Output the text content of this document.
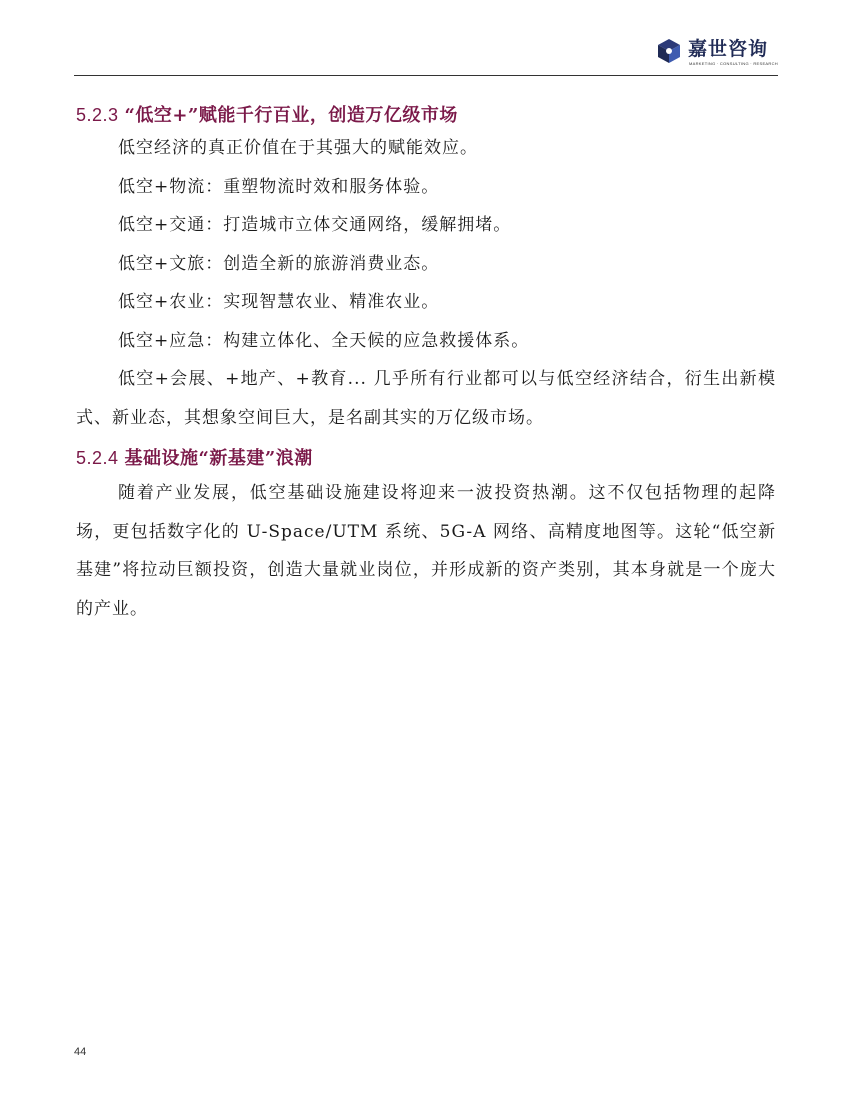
嘉世咨询
MARKETING · CONSULTING · RESEARCH
5.2.3 “低空+”赋能千行百业，创造万亿级市场

低空经济的真正价值在于其强大的赋能效应。

低空+物流：重塑物流时效和服务体验。

低空+交通：打造城市立体交通网络，缓解拥堵。

低空+文旅：创造全新的旅游消费业态。

低空+农业：实现智慧农业、精准农业。

低空+应急：构建立体化、全天候的应急救援体系。

低空+会展、+地产、+教育... 几乎所有行业都可以与低空经济结合，衍生出新模式、新业态，其想象空间巨大，是名副其实的万亿级市场。

5.2.4 基础设施“新基建”浪潮

随着产业发展，低空基础设施建设将迎来一波投资热潮。这不仅包括物理的起降场，更包括数字化的 U-Space/UTM 系统、5G-A 网络、高精度地图等。这轮“低空新基建”将拉动巨额投资，创造大量就业岗位，并形成新的资产类别，其本身就是一个庞大的产业。

44
